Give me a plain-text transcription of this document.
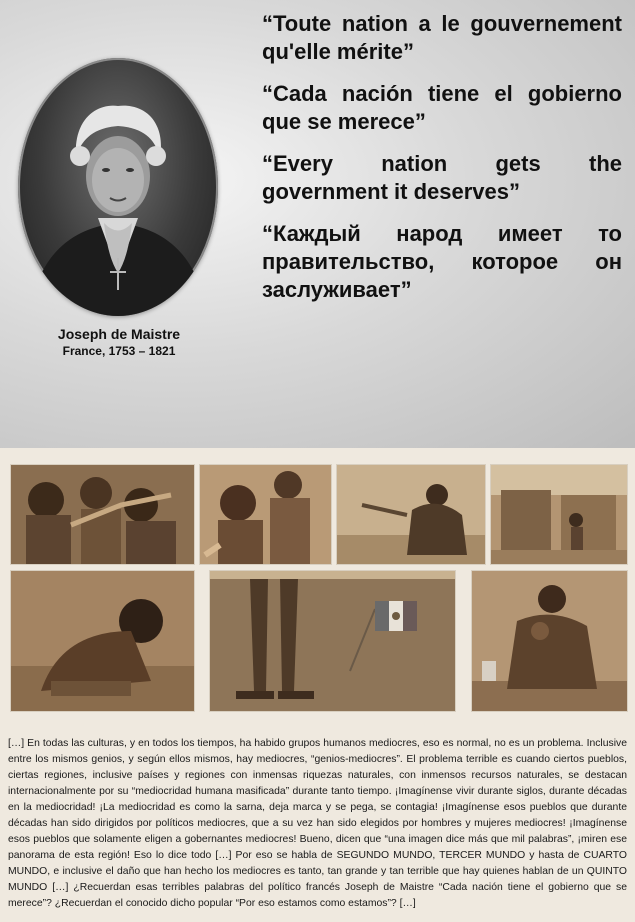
Joseph de Maistre
France, 1753 – 1821

“Toute nation a le gouvernement qu'elle mérite”

“Cada nación tiene el gobierno que se merece”

“Every nation gets the government it deserves”

“Каждый народ имеет то правительство, которое он заслуживает”

[…] En todas las culturas, y en todos los tiempos, ha habido grupos humanos mediocres, eso es normal, no es un problema. Inclusive entre los mismos genios, y según ellos mismos, hay mediocres, “genios-mediocres”. El problema terrible es cuando ciertos pueblos, ciertas regiones, inclusive países y regiones con inmensas riquezas naturales, con inmensos recursos naturales, se destacan internacionalmente por su “mediocridad humana masificada” durante tanto tiempo. ¡Imagínense vivir durante siglos, durante décadas en la mediocridad! ¡La mediocridad es como la sarna, deja marca y se pega, se contagia! ¡Imagínense esos pueblos que durante décadas han sido dirigidos por políticos mediocres, que a su vez han sido elegidos por hombres y mujeres mediocres! ¡Imagínense esos pueblos que solamente eligen a gobernantes mediocres! Bueno, dicen que “una imagen dice más que mil palabras”, ¡miren ese panorama de esta región! Eso lo dice todo […] Por eso se habla de SEGUNDO MUNDO, TERCER MUNDO y hasta de CUARTO MUNDO, e inclusive el daño que han hecho los mediocres es tanto, tan grande y tan terrible que hay quienes hablan de un QUINTO MUNDO […] ¿Recuerdan esas terribles palabras del político francés Joseph de Maistre “Cada nación tiene el gobierno que se merece”? ¿Recuerdan el conocido dicho popular “Por eso estamos como estamos”? […]
